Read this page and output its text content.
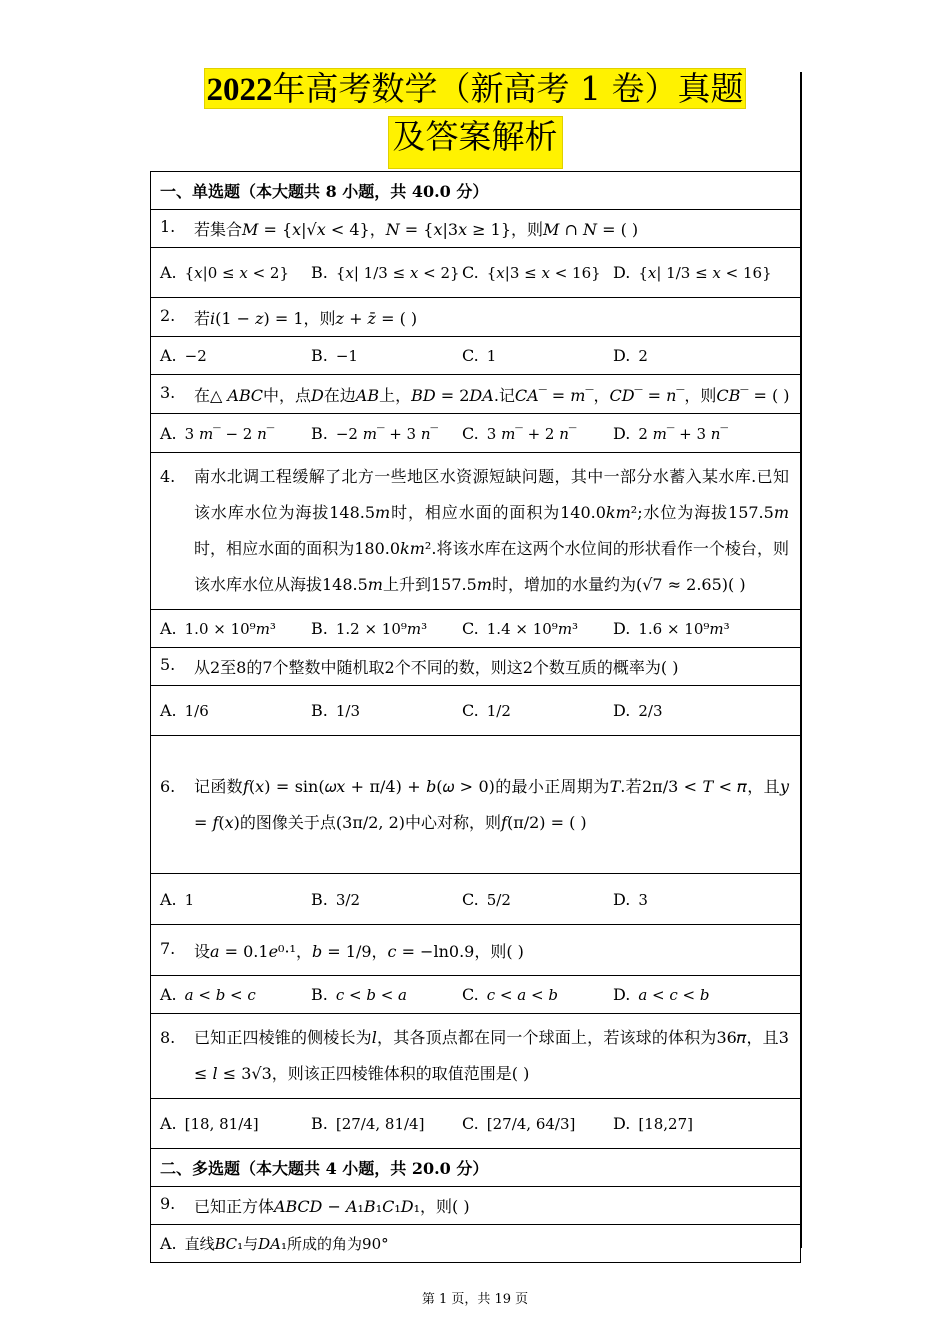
2022年高考数学（新高考 1 卷）真题
及答案解析
一、单选题（本大题共 8 小题，共 40.0 分）
1. 若集合𝑀 = {𝑥|√𝑥 < 4}，𝑁 = {𝑥|3𝑥 ≥ 1}，则𝑀 ∩ 𝑁 = ( )

A. {𝑥|0 ≤ 𝑥 < 2}	B. {𝑥| 1/3 ≤ 𝑥 < 2} C. {𝑥|3 ≤ 𝑥 < 16} D. {𝑥| 1/3 ≤ 𝑥 < 16}

2. 若𝑖(1 − 𝑧) = 1，则𝑧 + 𝑧̄ = ( )

A. −2	B. −1	C. 1	D. 2

3. 在△ 𝐴𝐵𝐶中，点𝐷在边𝐴𝐵上，𝐵𝐷 = 2𝐷𝐴.记𝐶𝐴‾ = 𝑚‾，𝐶𝐷‾ = 𝑛‾，则𝐶𝐵‾ = ( )

A. 3 𝑚‾ − 2 𝑛‾	B. −2 𝑚‾ + 3 𝑛‾	C. 3 𝑚‾ + 2 𝑛‾	D. 2 𝑚‾ + 3 𝑛‾

4.	南水北调工程缓解了北方一些地区水资源短缺问题，其中一部分水蓄入某水库.已知该水库水位为海拔148.5𝑚时，相应水面的面积为140.0𝑘𝑚²;水位为海拔157.5𝑚时，相应水面的面积为180.0𝑘𝑚².将该水库在这两个水位间的形状看作一个棱台，则该水库水位从海拔148.5𝑚上升到157.5𝑚时，增加的水量约为(√7 ≈ 2.65)( )

A. 1.0 × 10⁹𝑚³	B. 1.2 × 10⁹𝑚³	C. 1.4 × 10⁹𝑚³	D. 1.6 × 10⁹𝑚³

5. 从2至8的7个整数中随机取2个不同的数，则这2个数互质的概率为( )

A. 1/6	B. 1/3	C. 1/2	D. 2/3

6.	记函数𝑓(𝑥) = sin(𝜔𝑥 + π/4) + 𝑏(𝜔 > 0)的最小正周期为𝑇.若2π/3 < 𝑇 < 𝜋，且𝑦 = 𝑓(𝑥)的图像关于点(3π/2, 2)中心对称，则𝑓(π/2) = ( )

A. 1	B. 3/2	C. 5/2	D. 3

7. 设𝑎 = 0.1𝑒⁰·¹，𝑏 = 1/9，𝑐 = −ln0.9，则( )

A. 𝑎 < 𝑏 < 𝑐	B. 𝑐 < 𝑏 < 𝑎	C. 𝑐 < 𝑎 < 𝑏	D. 𝑎 < 𝑐 < 𝑏

8.	已知正四棱锥的侧棱长为𝑙，其各顶点都在同一个球面上，若该球的体积为36𝜋，且3 ≤ 𝑙 ≤ 3√3，则该正四棱锥体积的取值范围是( )

A. [18, 81/4]	B. [27/4, 81/4]	C. [27/4, 64/3]	D. [18,27]

二、多选题（本大题共 4 小题，共 20.0 分）
9. 已知正方体𝐴𝐵𝐶𝐷 − 𝐴₁𝐵₁𝐶₁𝐷₁，则( )

A. 直线𝐵𝐶₁与𝐷𝐴₁所成的角为90°
第 1 页，共 19 页
